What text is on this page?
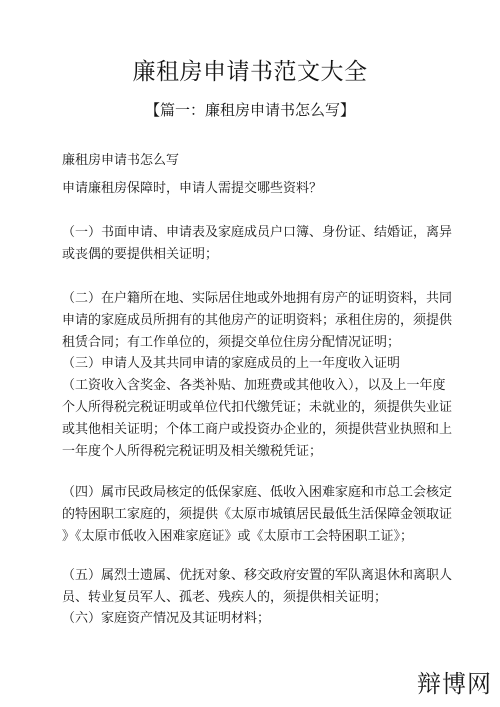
廉租房申请书范文大全
【篇一：廉租房申请书怎么写】

廉租房申请书怎么写

申请廉租房保障时，申请人需提交哪些资料？

（一）书面申请、申请表及家庭成员户口簿、身份证、结婚证，离异

或丧偶的要提供相关证明；

（二）在户籍所在地、实际居住地或外地拥有房产的证明资料，共同

申请的家庭成员所拥有的其他房产的证明资料；承租住房的，须提供

租赁合同；有工作单位的，须提交单位住房分配情况证明；

（三）申请人及其共同申请的家庭成员的上一年度收入证明

（工资收入含奖金、各类补贴、加班费或其他收入），以及上一年度

个人所得税完税证明或单位代扣代缴凭证；未就业的，须提供失业证

或其他相关证明；个体工商户或投资办企业的，须提供营业执照和上

一年度个人所得税完税证明及相关缴税凭证；

（四）属市民政局核定的低保家庭、低收入困难家庭和市总工会核定

的特困职工家庭的，须提供《太原市城镇居民最低生活保障金领取证

》《太原市低收入困难家庭证》或《太原市工会特困职工证》；

（五）属烈士遗属、优抚对象、移交政府安置的军队离退休和离职人

员、转业复员军人、孤老、残疾人的，须提供相关证明；

（六）家庭资产情况及其证明材料；

辩博网
